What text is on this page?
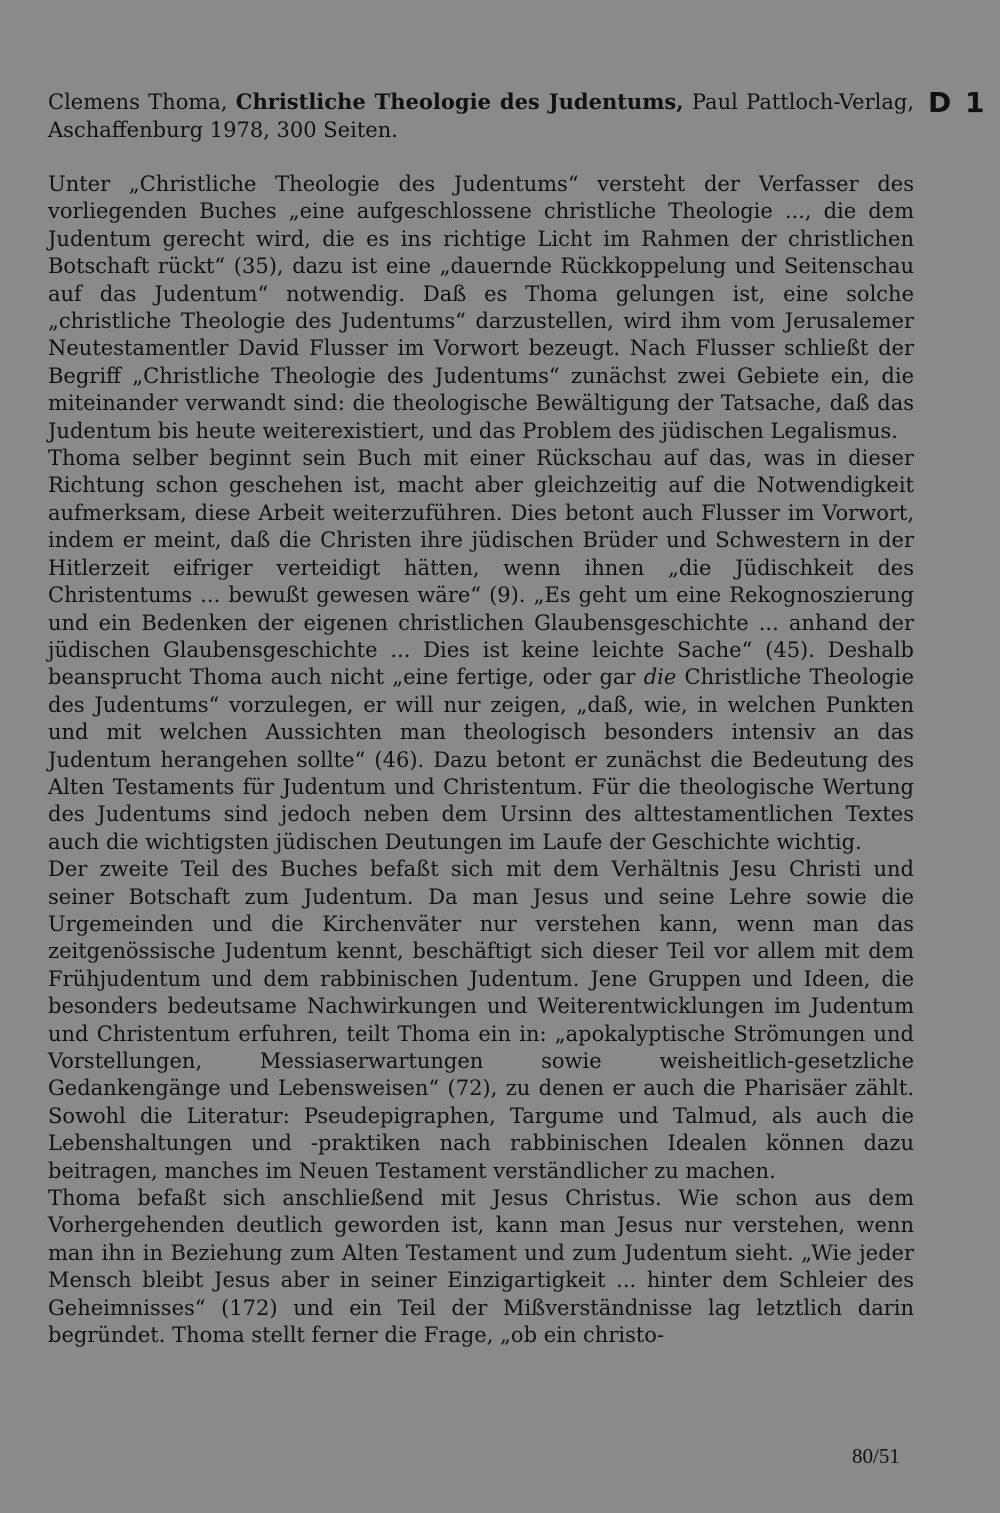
Clemens Thoma, Christliche Theologie des Judentums, Paul Pattloch-Verlag, Aschaffenburg 1978, 300 Seiten.
D 1

Unter „Christliche Theologie des Judentums“ versteht der Verfasser des vorliegenden Buches „eine aufgeschlossene christliche Theologie ..., die dem Judentum gerecht wird, die es ins richtige Licht im Rahmen der christlichen Botschaft rückt“ (35), dazu ist eine „dauernde Rückkoppelung und Seitenschau auf das Judentum“ notwendig. Daß es Thoma gelungen ist, eine solche „christliche Theologie des Judentums“ darzustellen, wird ihm vom Jerusalemer Neutestamentler David Flusser im Vorwort bezeugt. Nach Flusser schließt der Begriff „Christliche Theologie des Judentums“ zunächst zwei Gebiete ein, die miteinander verwandt sind: die theologische Bewältigung der Tatsache, daß das Judentum bis heute weiterexistiert, und das Problem des jüdischen Legalismus.

Thoma selber beginnt sein Buch mit einer Rückschau auf das, was in dieser Richtung schon geschehen ist, macht aber gleichzeitig auf die Notwendigkeit aufmerksam, diese Arbeit weiterzuführen. Dies betont auch Flusser im Vorwort, indem er meint, daß die Christen ihre jüdischen Brüder und Schwestern in der Hitlerzeit eifriger verteidigt hätten, wenn ihnen „die Jüdischkeit des Christentums ... bewußt gewesen wäre“ (9). „Es geht um eine Rekognoszierung und ein Bedenken der eigenen christlichen Glaubensgeschichte ... anhand der jüdischen Glaubensgeschichte ... Dies ist keine leichte Sache“ (45). Deshalb beansprucht Thoma auch nicht „eine fertige, oder gar die Christliche Theologie des Judentums“ vorzulegen, er will nur zeigen, „daß, wie, in welchen Punkten und mit welchen Aussichten man theologisch besonders intensiv an das Judentum herangehen sollte“ (46). Dazu betont er zunächst die Bedeutung des Alten Testaments für Judentum und Christentum. Für die theologische Wertung des Judentums sind jedoch neben dem Ursinn des alttestamentlichen Textes auch die wichtigsten jüdischen Deutungen im Laufe der Geschichte wichtig.

Der zweite Teil des Buches befaßt sich mit dem Verhältnis Jesu Christi und seiner Botschaft zum Judentum. Da man Jesus und seine Lehre sowie die Urgemeinden und die Kirchenväter nur verstehen kann, wenn man das zeitgenössische Judentum kennt, beschäftigt sich dieser Teil vor allem mit dem Frühjudentum und dem rabbinischen Judentum. Jene Gruppen und Ideen, die besonders bedeutsame Nachwirkungen und Weiterentwicklungen im Judentum und Christentum erfuhren, teilt Thoma ein in: „apokalyptische Strömungen und Vorstellungen, Messiaserwartungen sowie weisheitlich-gesetzliche Gedankengänge und Lebensweisen“ (72), zu denen er auch die Pharisäer zählt. Sowohl die Literatur: Pseudepigraphen, Targume und Talmud, als auch die Lebenshaltungen und -praktiken nach rabbinischen Idealen können dazu beitragen, manches im Neuen Testament verständlicher zu machen.

Thoma befaßt sich anschließend mit Jesus Christus. Wie schon aus dem Vorhergehenden deutlich geworden ist, kann man Jesus nur verstehen, wenn man ihn in Beziehung zum Alten Testament und zum Judentum sieht. „Wie jeder Mensch bleibt Jesus aber in seiner Einzigartigkeit ... hinter dem Schleier des Geheimnisses“ (172) und ein Teil der Mißverständnisse lag letztlich darin begründet. Thoma stellt ferner die Frage, „ob ein christo-

80/51
